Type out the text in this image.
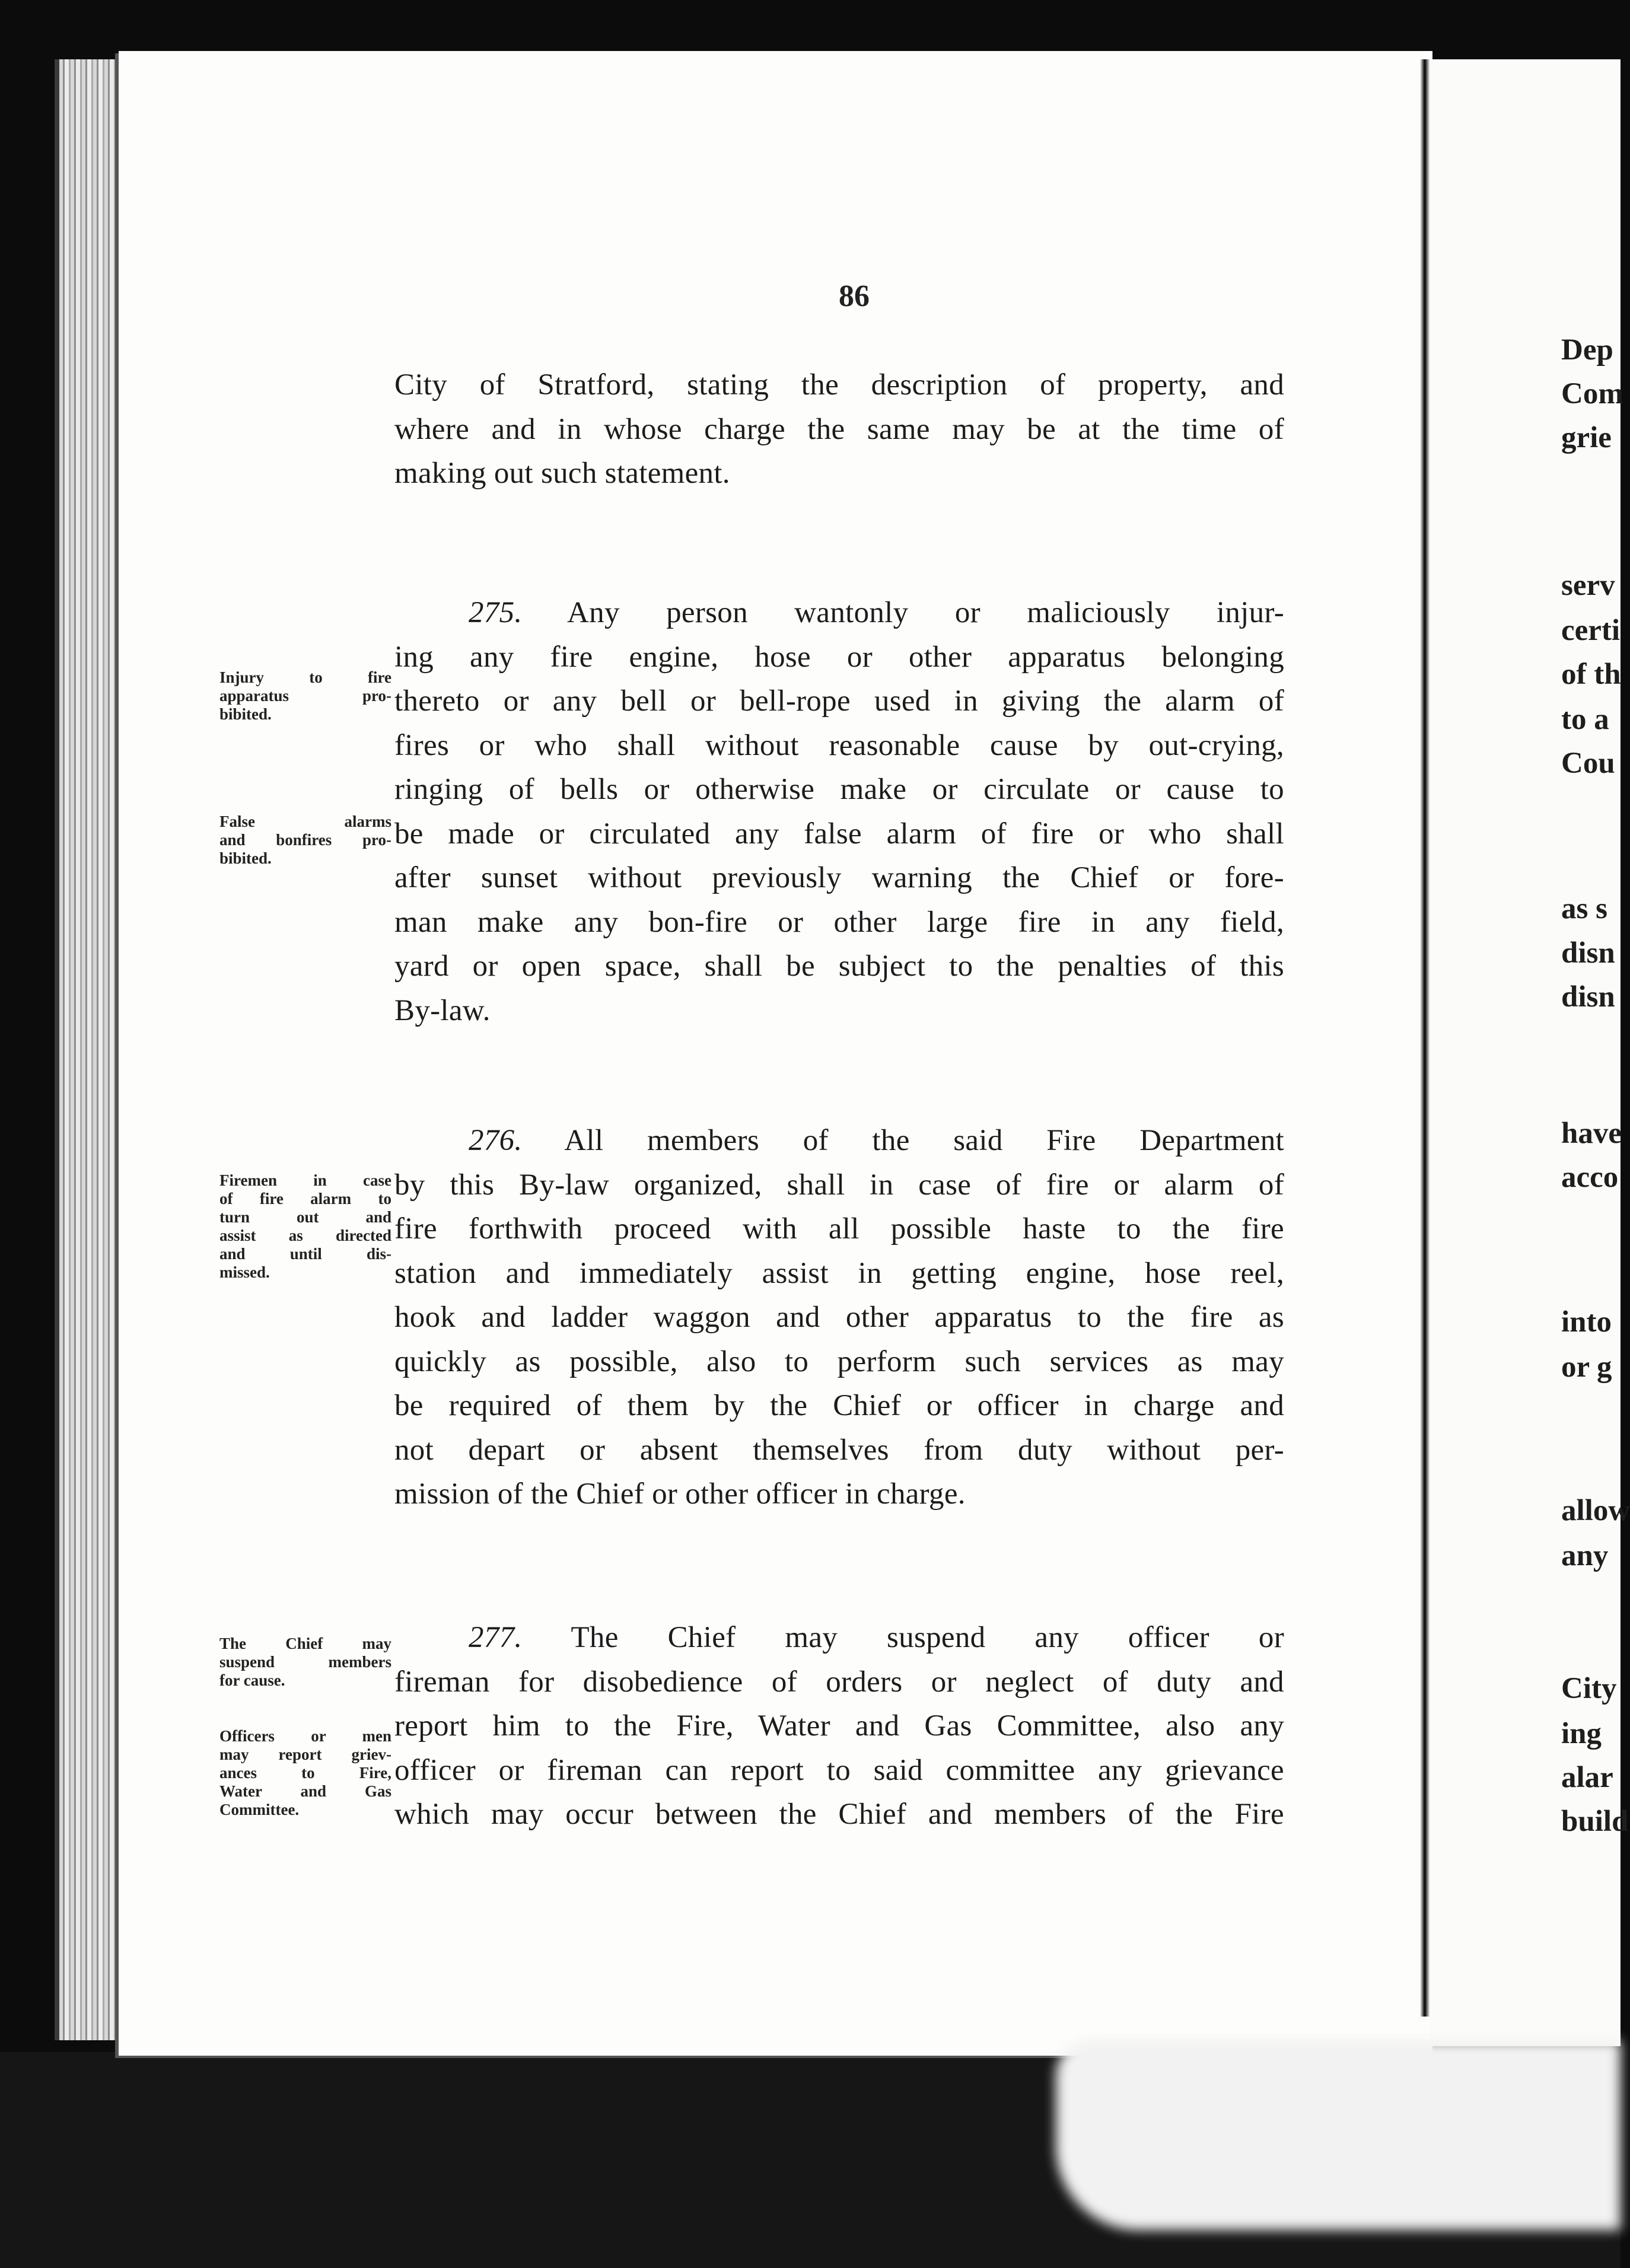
86
City of Stratford, stating the description of property, and
where and in whose charge the same may be at the time of
making out such statement.
275. Any person wantonly or maliciously injur-
ing any fire engine, hose or other apparatus belonging
thereto or any bell or bell-rope used in giving the alarm of
fires or who shall without reasonable cause by out-crying,
ringing of bells or otherwise make or circulate or cause to
be made or circulated any false alarm of fire or who shall
after sunset without previously warning the Chief or fore-
man make any bon-fire or other large fire in any field,
yard or open space, shall be subject to the penalties of this
By-law.
Injury to fire
apparatus pro-
bibited.
False alarms
and bonfires pro-
bibited.
276. All members of the said Fire Department
by this By-law organized, shall in case of fire or alarm of
fire forthwith proceed with all possible haste to the fire
station and immediately assist in getting engine, hose reel,
hook and ladder waggon and other apparatus to the fire as
quickly as possible, also to perform such services as may
be required of them by the Chief or officer in charge and
not depart or absent themselves from duty without per-
mission of the Chief or other officer in charge.
Firemen in case
of fire alarm to
turn out and
assist as directed
and until dis-
missed.
277. The Chief may suspend any officer or
fireman for disobedience of orders or neglect of duty and
report him to the Fire, Water and Gas Committee, also any
officer or fireman can report to said committee any grievance
which may occur between the Chief and members of the Fire
The Chief may
suspend members
for cause.
Officers or men
may report griev-
ances to Fire,
Water and Gas
Committee.
Dep
Com
grie
serv
certi
of th
to a
Cou
as s
disn
disn
have
acco
into
or g
allow
any
City
ing
alar
build
